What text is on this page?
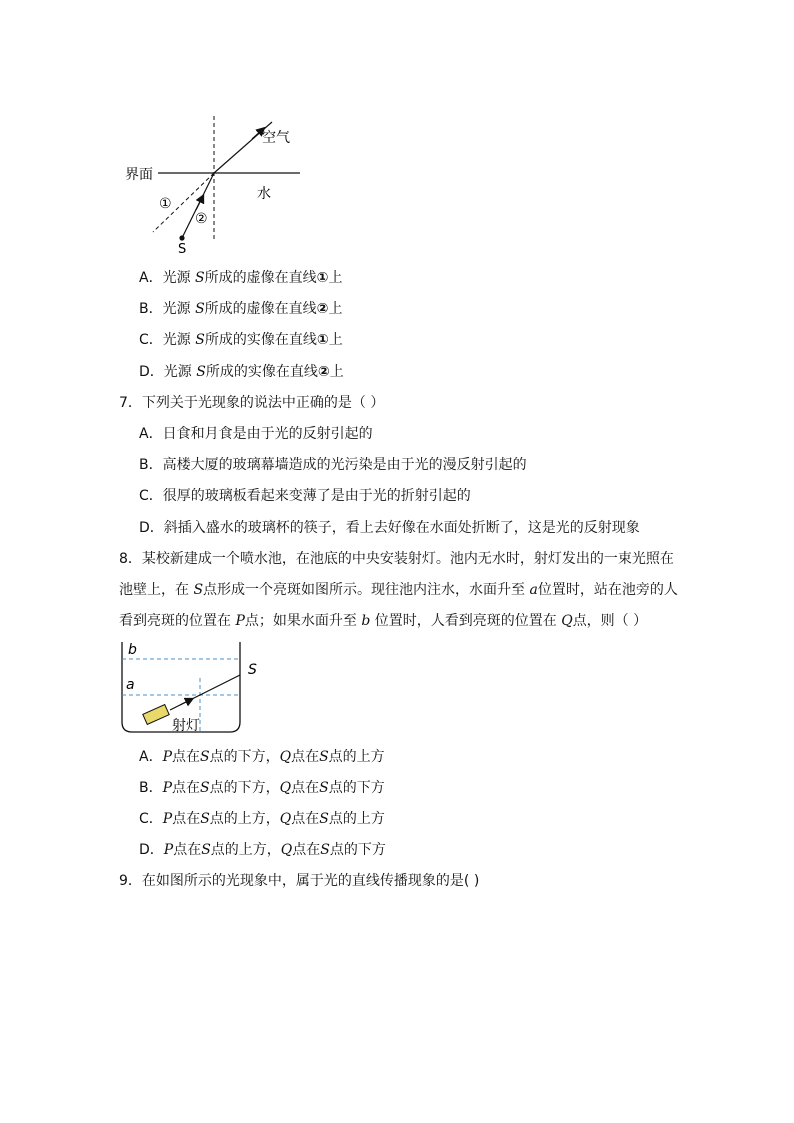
界面
空气
水
①
②
S
A．光源 S所成的虚像在直线①上
B．光源 S所成的虚像在直线②上
C．光源 S所成的实像在直线①上
D．光源 S所成的实像在直线②上
7．下列关于光现象的说法中正确的是（ ）
A．日食和月食是由于光的反射引起的
B．高楼大厦的玻璃幕墙造成的光污染是由于光的漫反射引起的
C．很厚的玻璃板看起来变薄了是由于光的折射引起的
D．斜插入盛水的玻璃杯的筷子，看上去好像在水面处折断了，这是光的反射现象
8．某校新建成一个喷水池，在池底的中央安装射灯。池内无水时，射灯发出的一束光照在
池壁上，在 S点形成一个亮斑如图所示。现往池内注水，水面升至 a位置时，站在池旁的人
看到亮斑的位置在 P点；如果水面升至 b 位置时，人看到亮斑的位置在 Q点，则（ ）
b
a
S
射灯
A．P点在S点的下方，Q点在S点的上方
B．P点在S点的下方，Q点在S点的下方
C．P点在S点的上方，Q点在S点的上方
D．P点在S点的上方，Q点在S点的下方
9．在如图所示的光现象中，属于光的直线传播现象的是( )
